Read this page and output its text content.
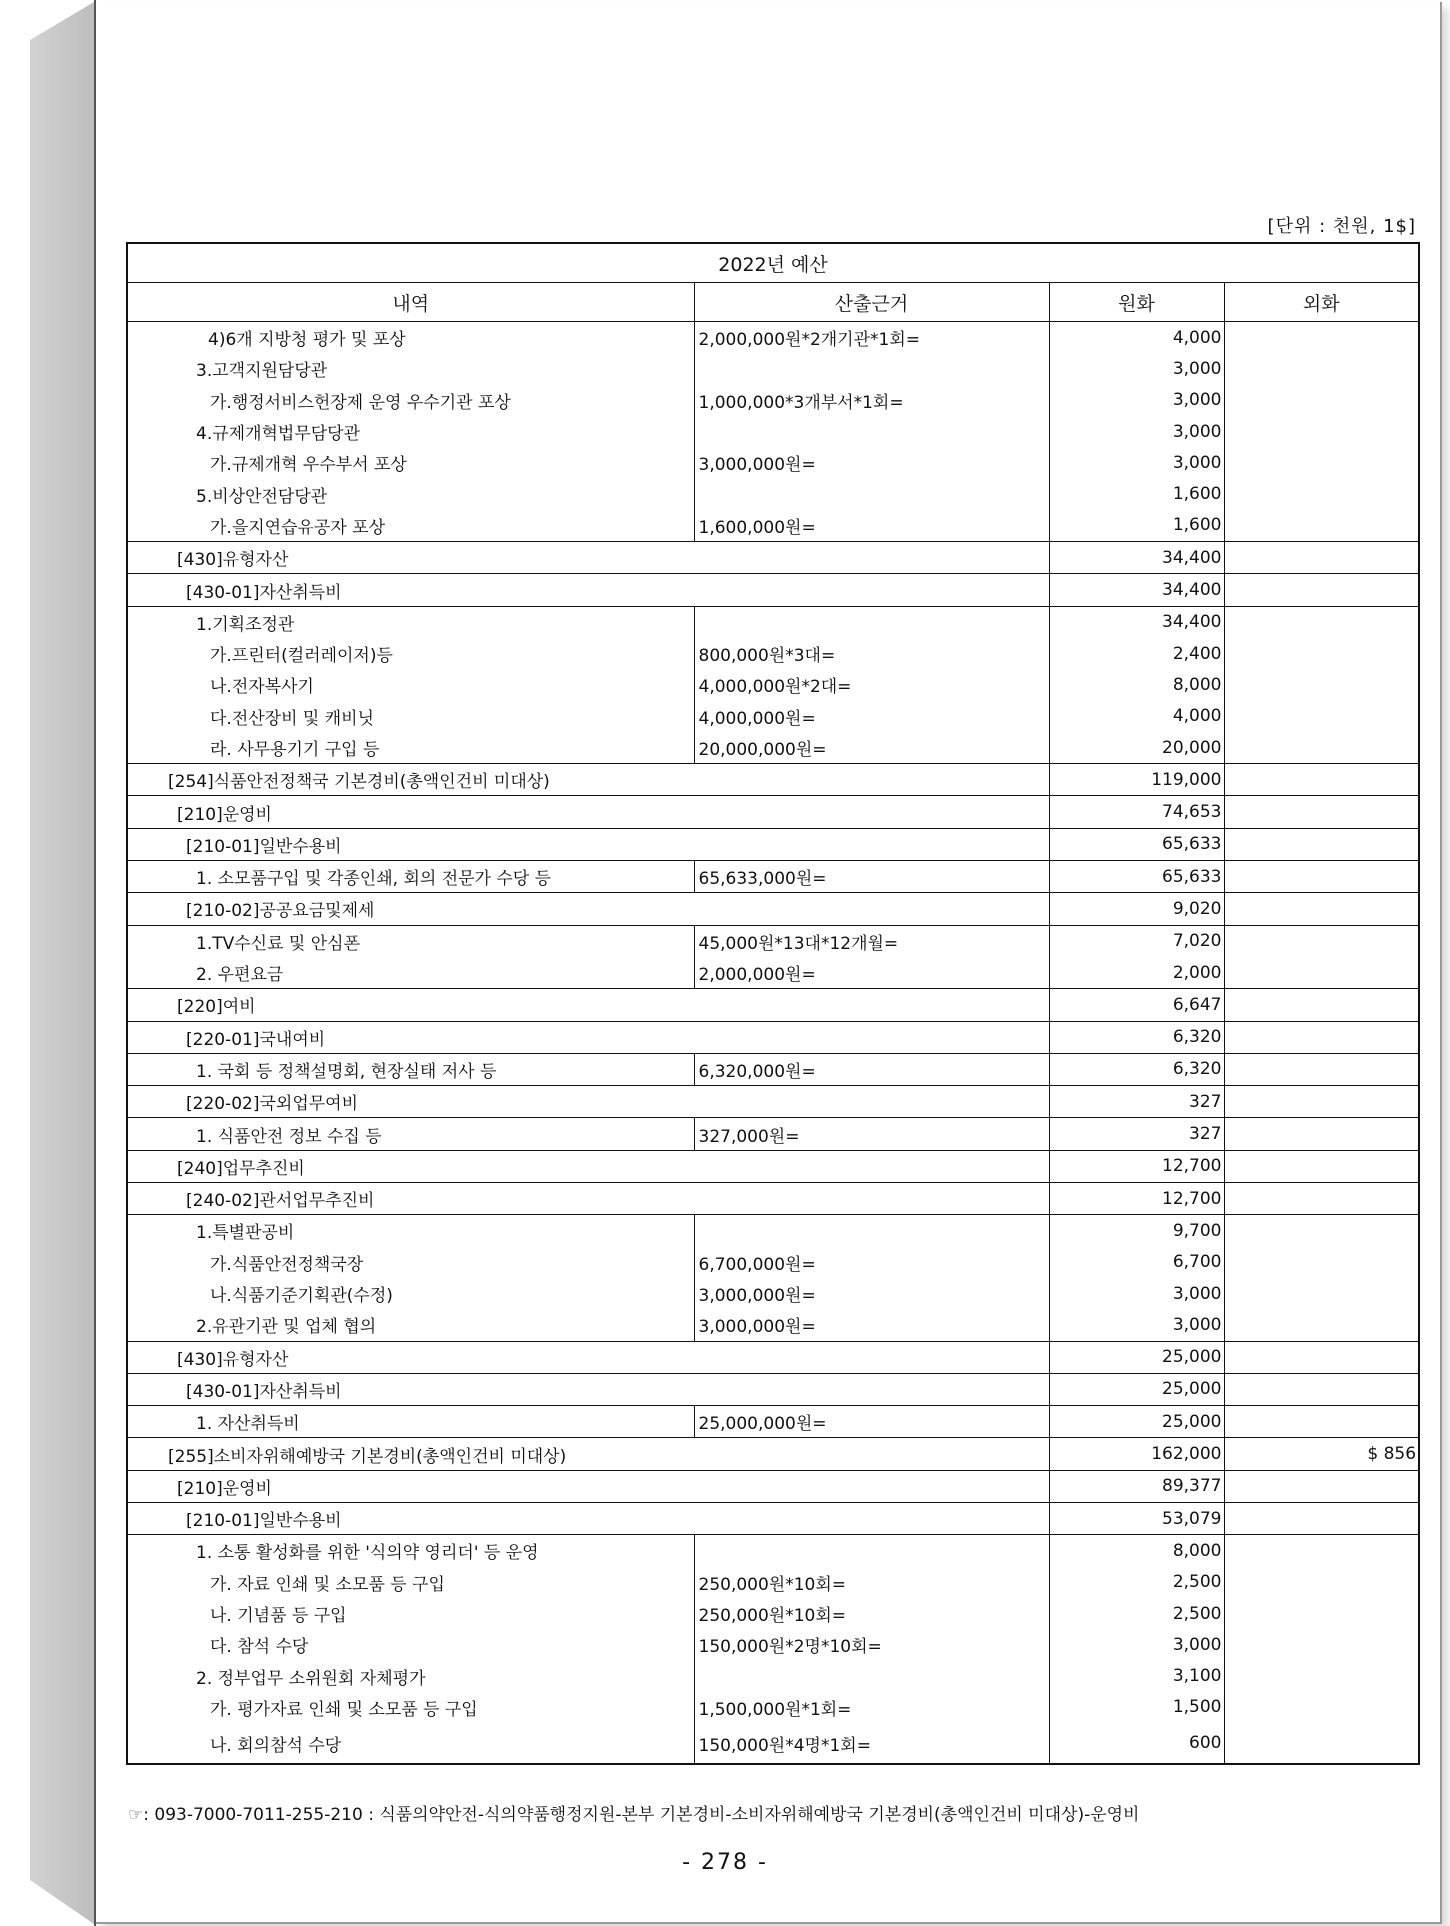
[단위 : 천원, 1$]
2022년 예산			
내역	산출근거	원화	외화
4)6개 지방청 평가 및 포상	2,000,000원*2개기관*1회=	4,000	
3.고객지원담당관		3,000	
가.행정서비스헌장제 운영 우수기관 포상	1,000,000*3개부서*1회=	3,000	
4.규제개혁법무담당관		3,000	
가.규제개혁 우수부서 포상	3,000,000원=	3,000	
5.비상안전담당관		1,600	
가.을지연습유공자 포상	1,600,000원=	1,600	
[430]유형자산		34,400	
[430-01]자산취득비		34,400	
1.기획조정관		34,400	
가.프린터(컬러레이저)등	800,000원*3대=	2,400	
나.전자복사기	4,000,000원*2대=	8,000	
다.전산장비 및 캐비닛	4,000,000원=	4,000	
라. 사무용기기 구입 등	20,000,000원=	20,000	
[254]식품안전정책국 기본경비(총액인건비 미대상)		119,000	
[210]운영비		74,653	
[210-01]일반수용비		65,633	
1. 소모품구입 및 각종인쇄, 회의 전문가 수당 등	65,633,000원=	65,633	
[210-02]공공요금및제세		9,020	
1.TV수신료 및 안심폰	45,000원*13대*12개월=	7,020	
2. 우편요금	2,000,000원=	2,000	
[220]여비		6,647	
[220-01]국내여비		6,320	
1. 국회 등 정책설명회, 현장실태 저사 등	6,320,000원=	6,320	
[220-02]국외업무여비		327	
1. 식품안전 정보 수집 등	327,000원=	327	
[240]업무추진비		12,700	
[240-02]관서업무추진비		12,700	
1.특별판공비		9,700	
가.식품안전정책국장	6,700,000원=	6,700	
나.식품기준기획관(수정)	3,000,000원=	3,000	
2.유관기관 및 업체 협의	3,000,000원=	3,000	
[430]유형자산		25,000	
[430-01]자산취득비		25,000	
1. 자산취득비	25,000,000원=	25,000	
[255]소비자위해예방국 기본경비(총액인건비 미대상)		162,000	$ 856
[210]운영비		89,377	
[210-01]일반수용비		53,079	
1. 소통 활성화를 위한 '식의약 영리더' 등 운영		8,000	
가. 자료 인쇄 및 소모품 등 구입	250,000원*10회=	2,500	
나. 기념품 등 구입	250,000원*10회=	2,500	
다. 참석 수당	150,000원*2명*10회=	3,000	
2. 정부업무 소위원회 자체평가		3,100	
가. 평가자료 인쇄 및 소모품 등 구입	1,500,000원*1회=	1,500	
나. 회의참석 수당	150,000원*4명*1회=	600	
☞: 093-7000-7011-255-210 : 식품의약안전-식의약품행정지원-본부 기본경비-소비자위해예방국 기본경비(총액인건비 미대상)-운영비
- 278 -
